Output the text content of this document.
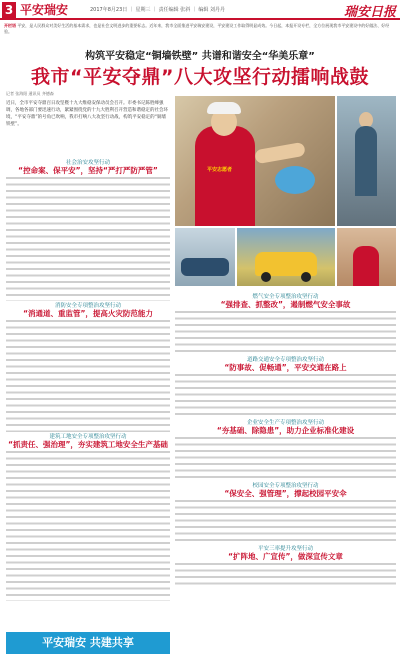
3 平安瑞安	2017年8月23日 ｜ 星期三 ｜ 责任编辑 张斜 ｜ 编辑 刘丹丹	瑞安日报
开栏语 平安，是人民群众对美好生活的基本需求，也是社会文明进步的重要标志。近年来，我市全面推进平安瑞安建设，平安建设工作取得明显成效。今日起，本报开设专栏，全方位展现我市平安建设中的好做法、好经验。
构筑平安稳定“铜墙铁壁” 共谱和谐安全“华美乐章”
我市“平安夺鼎”八大攻坚行动擂响战鼓
记者 张海阳 通讯员 齐德森
近日，全市平安夺鼎百日攻坚暨十九大维稳安保动员会召开。市委书记陈胜峰强调，各地各部门要迅速行动，紧紧围绕党的十九大胜利召开营造和谐稳定的社会环境，“平安夺鼎”的号角已吹响，我市打响八大攻坚行动战，构筑平安稳定的“铜墙铁壁”。
平安志愿者
社会治安攻坚行动
“控命案、保平安”，坚持“严打严防严管”
消防安全专项整治攻坚行动
“消通道、重监管”，提高火灾防范能力
建筑工地安全专项整治攻坚行动
“抓责任、强治理”，夯实建筑工地安全生产基础
燃气安全专项整治攻坚行动
“强排查、抓整改”，遏制燃气安全事故
道路交通安全专项整治攻坚行动
“防事故、促畅通”，平安交通在路上
企业安全生产专项整治攻坚行动
“夯基础、除隐患”，助力企业标准化建设
校园安全专项整治攻坚行动
“保安全、强管理”，撑起校园平安伞
平安三率提升攻坚行动
“扩阵地、广宣传”，做深宣传文章
平安瑞安 共建共享
